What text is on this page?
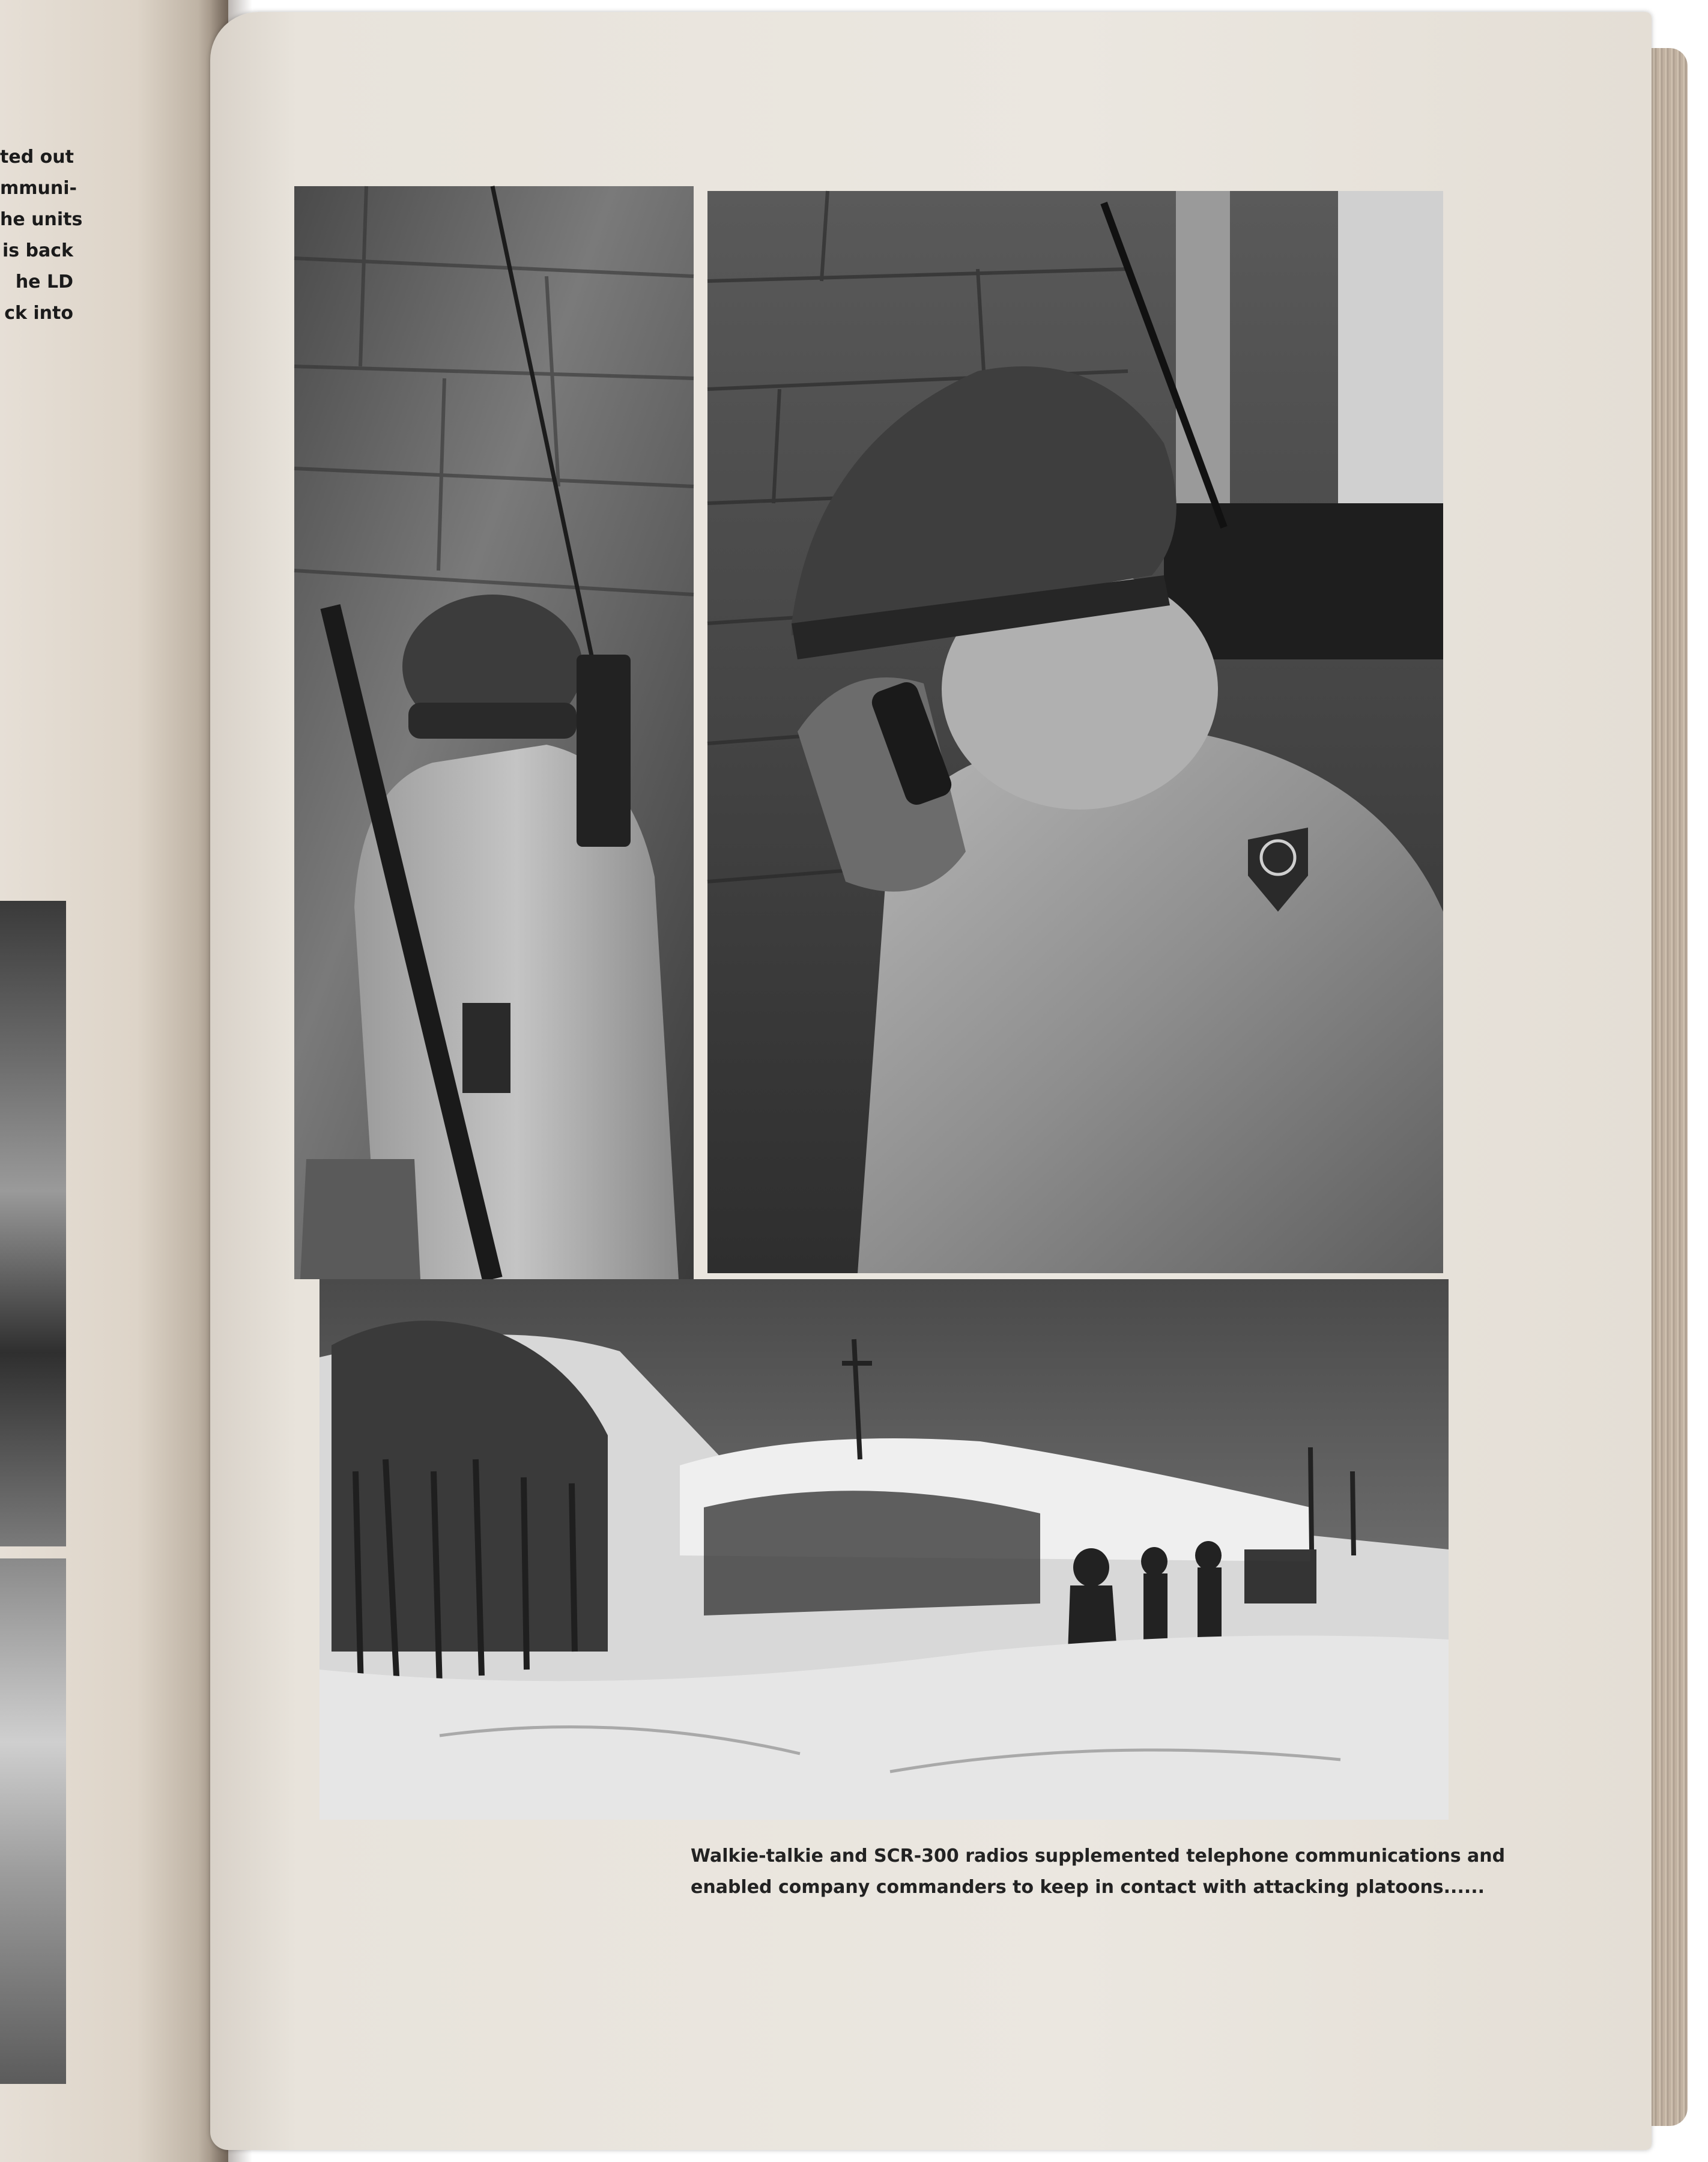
ted out
mmuni-
he units
is back
he LD
ck into
Walkie-talkie and SCR-300 radios supplemented telephone communications and
enabled company commanders to keep in contact with attacking platoons......
